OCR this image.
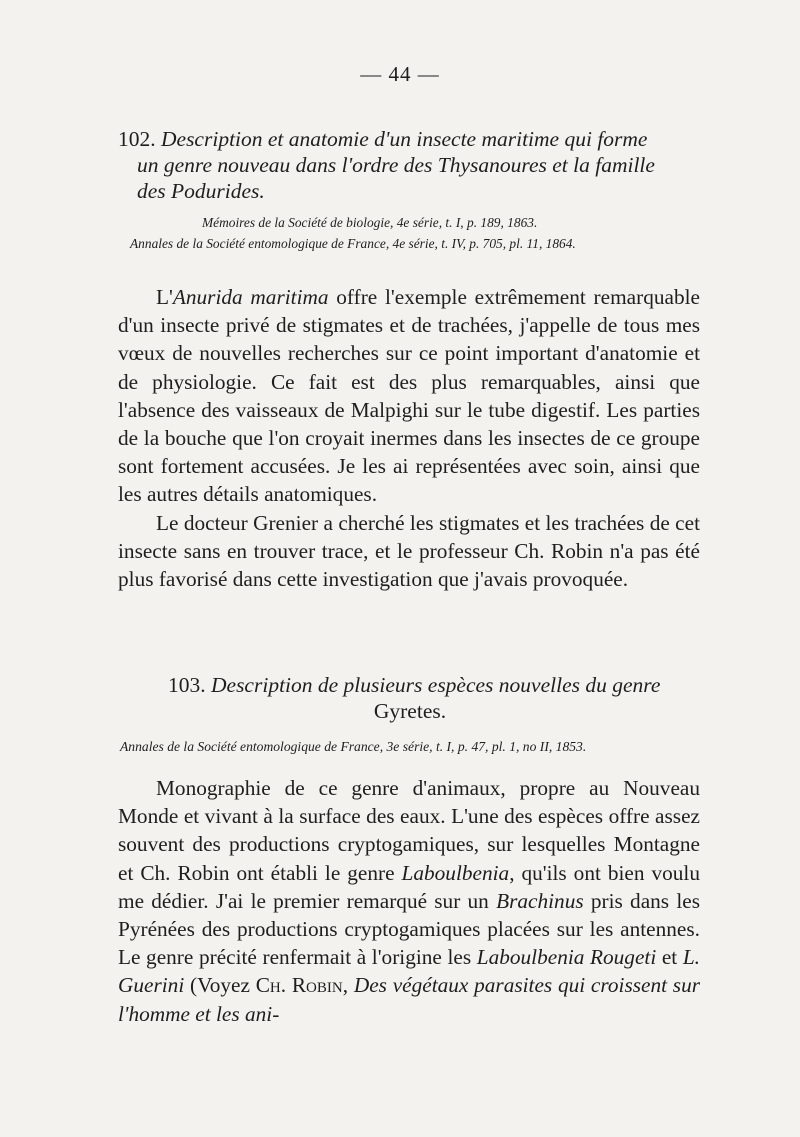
— 44 —
102. Description et anatomie d'un insecte maritime qui forme
un genre nouveau dans l'ordre des Thysanoures et la famille
des Podurides.
Mémoires de la Société de biologie, 4e série, t. I, p. 189, 1863.
Annales de la Société entomologique de France, 4e série, t. IV, p. 705, pl. 11, 1864.

L'Anurida maritima offre l'exemple extrêmement remarquable d'un insecte privé de stigmates et de trachées, j'appelle de tous mes vœux de nouvelles recherches sur ce point important d'anatomie et de physiologie. Ce fait est des plus remarquables, ainsi que l'absence des vaisseaux de Malpighi sur le tube digestif. Les parties de la bouche que l'on croyait inermes dans les insectes de ce groupe sont fortement accusées. Je les ai représentées avec soin, ainsi que les autres détails anatomiques.

Le docteur Grenier a cherché les stigmates et les trachées de cet insecte sans en trouver trace, et le professeur Ch. Robin n'a pas été plus favorisé dans cette investigation que j'avais provoquée.

103. Description de plusieurs espèces nouvelles du genre
Gyretes.
Annales de la Société entomologique de France, 3e série, t. I, p. 47, pl. 1, no II, 1853.

Monographie de ce genre d'animaux, propre au Nouveau Monde et vivant à la surface des eaux. L'une des espèces offre assez souvent des productions cryptogamiques, sur lesquelles Montagne et Ch. Robin ont établi le genre Laboulbenia, qu'ils ont bien voulu me dédier. J'ai le premier remarqué sur un Brachinus pris dans les Pyrénées des productions cryptogamiques placées sur les antennes. Le genre précité renfermait à l'origine les Laboulbenia Rougeti et L. Guerini (Voyez Ch. Robin, Des végétaux parasites qui croissent sur l'homme et les ani-
